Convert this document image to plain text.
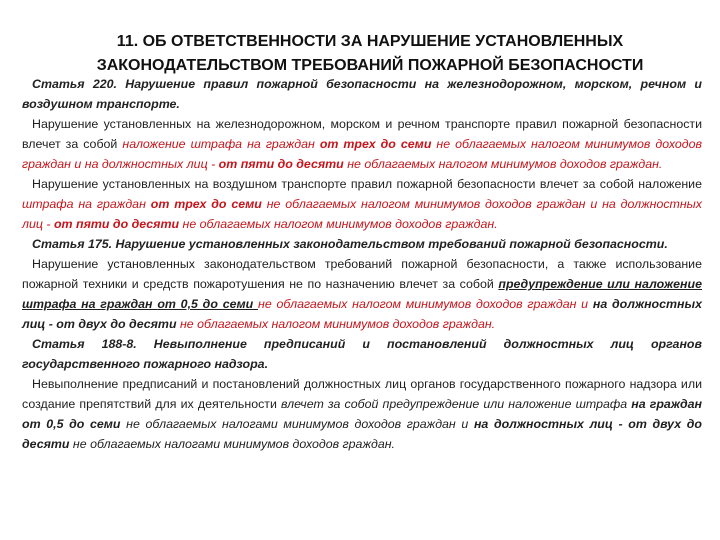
11. ОБ ОТВЕТСТВЕННОСТИ ЗА НАРУШЕНИЕ УСТАНОВЛЕННЫХ
ЗАКОНОДАТЕЛЬСТВОМ ТРЕБОВАНИЙ ПОЖАРНОЙ БЕЗОПАСНОСТИ

Статья 220. Нарушение правил пожарной безопасности на железнодорожном, морском, речном и воздушном транспорте.

Нарушение установленных на железнодорожном, морском и речном транспорте правил пожарной безопасности влечет за собой наложение штрафа на граждан от трех до семи не облагаемых налогом минимумов доходов граждан и на должностных лиц - от пяти до десяти не облагаемых налогом минимумов доходов граждан.

Нарушение установленных на воздушном транспорте правил пожарной безопасности влечет за собой наложение штрафа на граждан от трех до семи не облагаемых налогом минимумов доходов граждан и на должностных лиц - от пяти до десяти не облагаемых налогом минимумов доходов граждан.

Статья 175. Нарушение установленных законодательством требований пожарной безопасности.

Нарушение установленных законодательством требований пожарной безопасности, а также использование пожарной техники и средств пожаротушения не по назначению влечет за собой предупреждение или наложение штрафа на граждан от 0,5 до семи не облагаемых налогом минимумов доходов граждан и на должностных лиц - от двух до десяти не облагаемых налогом минимумов доходов граждан.

Статья 188-8. Невыполнение предписаний и постановлений должностных лиц органов государственного пожарного надзора.

Невыполнение предписаний и постановлений должностных лиц органов государственного пожарного надзора или создание препятствий для их деятельности влечет за собой предупреждение или наложение штрафа на граждан от 0,5 до семи не облагаемых налогами минимумов доходов граждан и на должностных лиц - от двух до десяти не облагаемых налогами минимумов доходов граждан.
